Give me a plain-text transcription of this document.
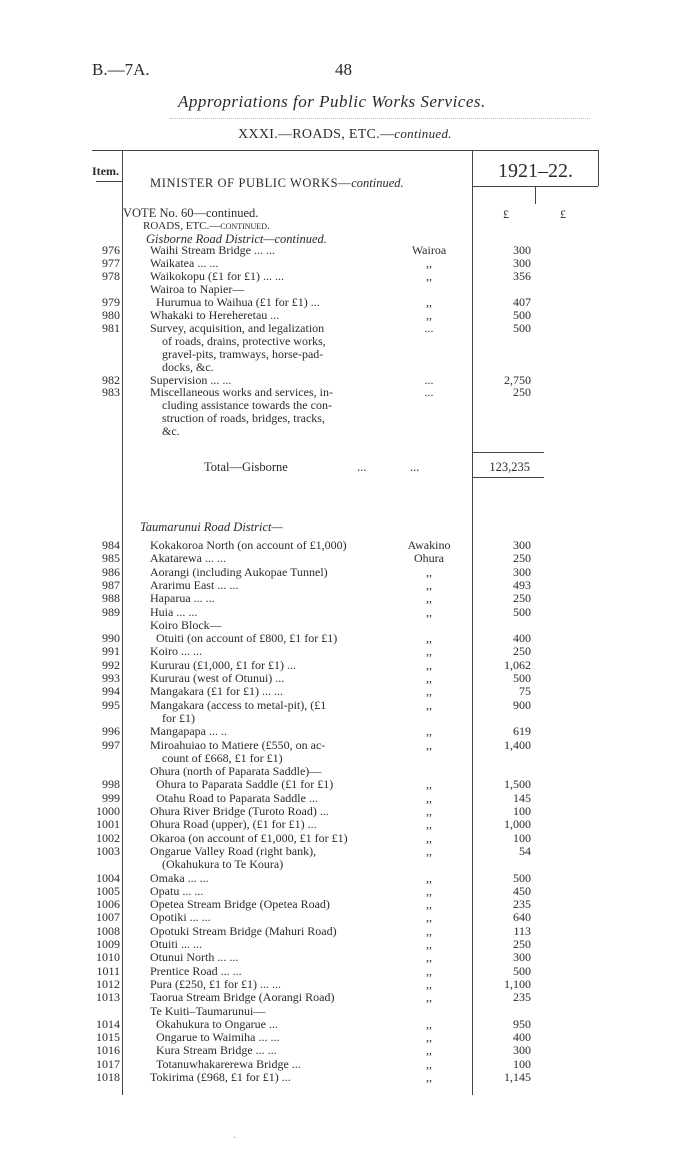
B.—7A.	48
Appropriations for Public Works Services.
XXXI.—ROADS, ETC.—continued.
Item.
MINISTER OF PUBLIC WORKS—continued.
1921–22.
£	£
VOTE No. 60—continued.
ROADS, ETC.—continued.
Gisborne Road District—continued.
976	Waihi Stream Bridge ... ...	Wairoa	300
977	Waikatea ... ...	,,	300
978	Waikokopu (£1 for £1) ... ...	,,	356
Wairoa to Napier—
979	Hurumua to Waihua (£1 for £1) ...	,,	407
980	Whakaki to Hereheretau ...	,,	500
981	Survey, acquisition, and legalization	...	500
of roads, drains, protective works,
gravel-pits, tramways, horse-pad-
docks, &c.
982	Supervision ... ...	...	2,750
983	Miscellaneous works and services, in-	...	250
cluding assistance towards the con-
struction of roads, bridges, tracks,
&c.
Total—Gisborne	...	...	123,235
Taumarunui Road District—
984	Kokakoroa North (on account of £1,000)	Awakino	300
985	Akatarewa ... ...	Ohura	250
986	Aorangi (including Aukopae Tunnel)	,,	300
987	Ararimu East ... ...	,,	493
988	Haparua ... ...	,,	250
989	Huia ... ...	,,	500
Koiro Block—
990	Otuiti (on account of £800, £1 for £1)	,,	400
991	Koiro ... ...	,,	250
992	Kururau (£1,000, £1 for £1) ...	,,	1,062
993	Kururau (west of Otunui) ...	,,	500
994	Mangakara (£1 for £1) ... ...	,,	75
995	Mangakara (access to metal-pit), (£1	,,	900
for £1)
996	Mangapapa ... ..	,,	619
997	Miroahuiao to Matiere (£550, on ac-	,,	1,400
count of £668, £1 for £1)
Ohura (north of Paparata Saddle)—
998	Ohura to Paparata Saddle (£1 for £1)	,,	1,500
999	Otahu Road to Paparata Saddle ...	,,	145
1000	Ohura River Bridge (Turoto Road) ...	,,	100
1001	Ohura Road (upper), (£1 for £1) ...	,,	1,000
1002	Okaroa (on account of £1,000, £1 for £1)	,,	100
1003	Ongarue Valley Road (right bank),	,,	54
(Okahukura to Te Koura)
1004	Omaka ... ...	,,	500
1005	Opatu ... ...	,,	450
1006	Opetea Stream Bridge (Opetea Road)	,,	235
1007	Opotiki ... ...	,,	640
1008	Opotuki Stream Bridge (Mahuri Road)	,,	113
1009	Otuiti ... ...	,,	250
1010	Otunui North ... ...	,,	300
1011	Prentice Road ... ...	,,	500
1012	Pura (£250, £1 for £1) ... ...	,,	1,100
1013	Taorua Stream Bridge (Aorangi Road)	,,	235
Te Kuiti–Taumarunui—
1014	Okahukura to Ongarue ...	,,	950
1015	Ongarue to Waimiha ... ...	,,	400
1016	Kura Stream Bridge ... ...	,,	300
1017	Totanuwhakarerewa Bridge ...	,,	100
1018	Tokirima (£968, £1 for £1) ...	,,	1,145
·
